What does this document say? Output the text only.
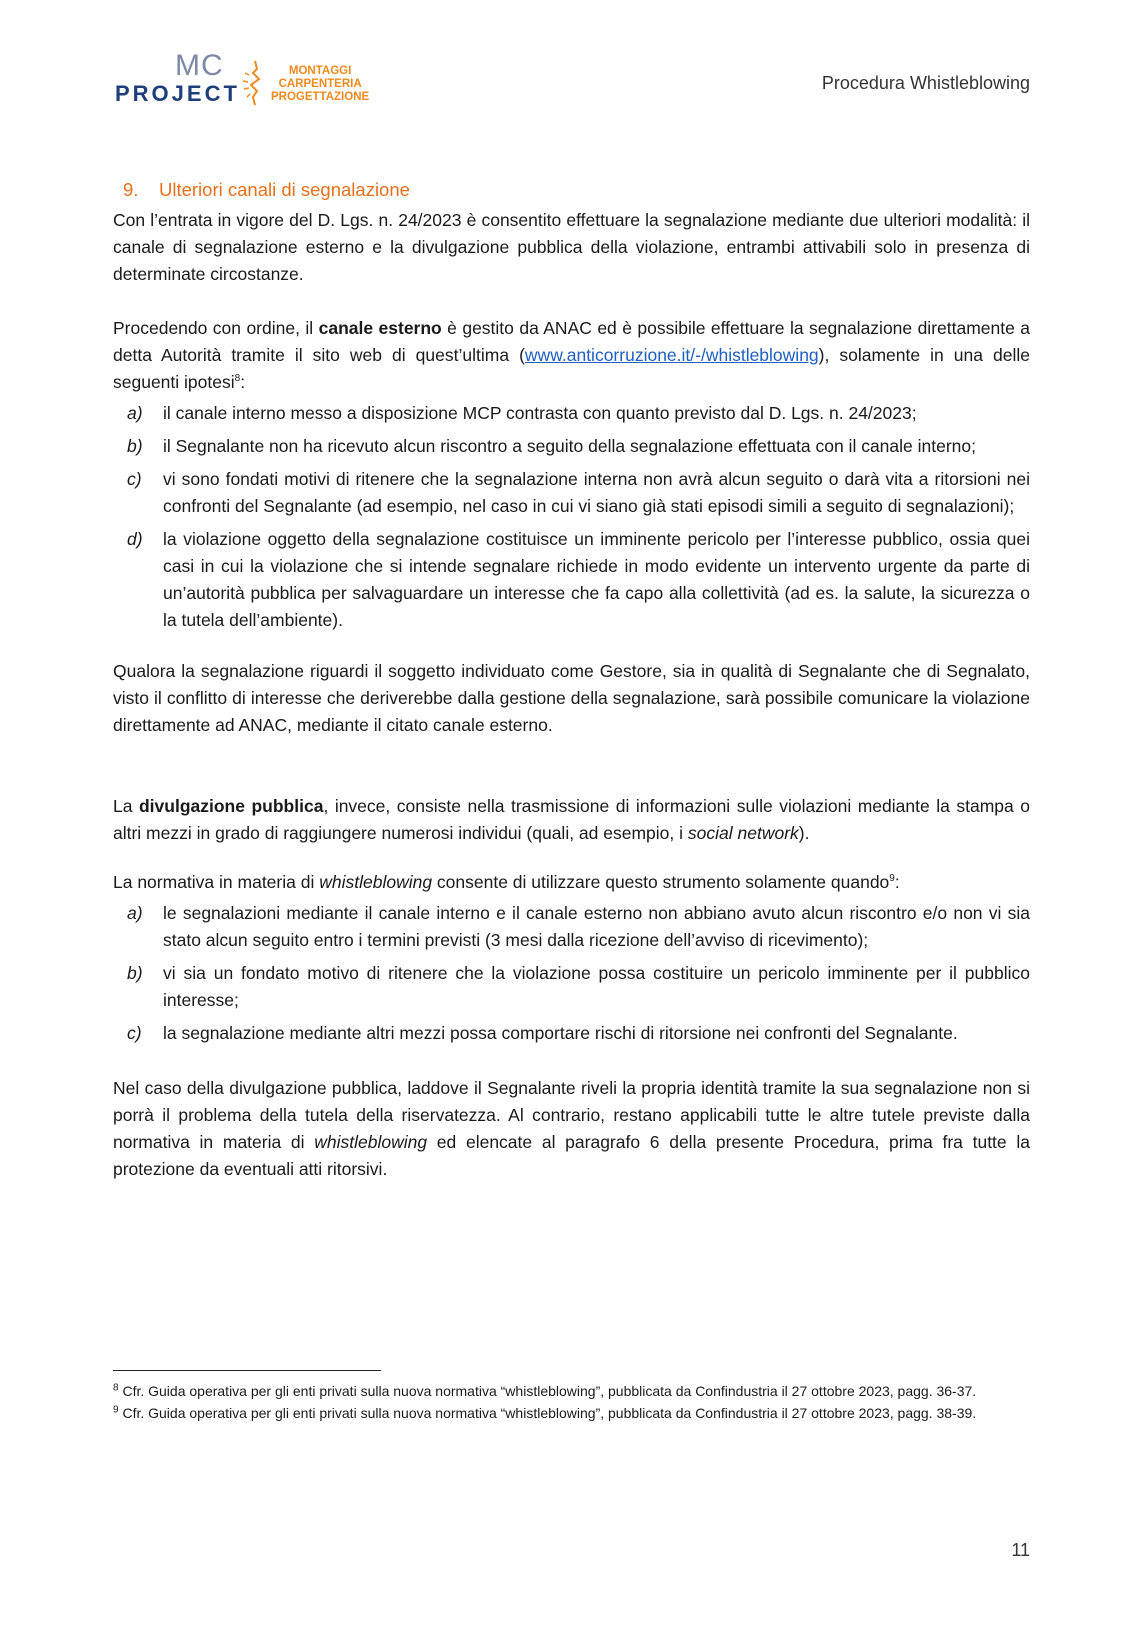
MC
PROJECT
MONTAGGI
CARPENTERIA
PROGETTAZIONE
Procedura Whistleblowing
9. Ulteriori canali di segnalazione

Con l’entrata in vigore del D. Lgs. n. 24/2023 è consentito effettuare la segnalazione mediante due ulteriori modalità: il canale di segnalazione esterno e la divulgazione pubblica della violazione, entrambi attivabili solo in presenza di determinate circostanze.

Procedendo con ordine, il canale esterno è gestito da ANAC ed è possibile effettuare la segnalazione direttamente a detta Autorità tramite il sito web di quest’ultima (www.anticorruzione.it/-/whistleblowing), solamente in una delle seguenti ipotesi$^8$:

a) il canale interno messo a disposizione MCP contrasta con quanto previsto dal D. Lgs. n. 24/2023;
b) il Segnalante non ha ricevuto alcun riscontro a seguito della segnalazione effettuata con il canale interno;
c) vi sono fondati motivi di ritenere che la segnalazione interna non avrà alcun seguito o darà vita a ritorsioni nei confronti del Segnalante (ad esempio, nel caso in cui vi siano già stati episodi simili a seguito di segnalazioni);
d) la violazione oggetto della segnalazione costituisce un imminente pericolo per l’interesse pubblico, ossia quei casi in cui la violazione che si intende segnalare richiede in modo evidente un intervento urgente da parte di un’autorità pubblica per salvaguardare un interesse che fa capo alla collettività (ad es. la salute, la sicurezza o la tutela dell’ambiente).

Qualora la segnalazione riguardi il soggetto individuato come Gestore, sia in qualità di Segnalante che di Segnalato, visto il conflitto di interesse che deriverebbe dalla gestione della segnalazione, sarà possibile comunicare la violazione direttamente ad ANAC, mediante il citato canale esterno.

La divulgazione pubblica, invece, consiste nella trasmissione di informazioni sulle violazioni mediante la stampa o altri mezzi in grado di raggiungere numerosi individui (quali, ad esempio, i social network).

La normativa in materia di whistleblowing consente di utilizzare questo strumento solamente quando$^9$:

a) le segnalazioni mediante il canale interno e il canale esterno non abbiano avuto alcun riscontro e/o non vi sia stato alcun seguito entro i termini previsti (3 mesi dalla ricezione dell’avviso di ricevimento);
b) vi sia un fondato motivo di ritenere che la violazione possa costituire un pericolo imminente per il pubblico interesse;
c) la segnalazione mediante altri mezzi possa comportare rischi di ritorsione nei confronti del Segnalante.

Nel caso della divulgazione pubblica, laddove il Segnalante riveli la propria identità tramite la sua segnalazione non si porrà il problema della tutela della riservatezza. Al contrario, restano applicabili tutte le altre tutele previste dalla normativa in materia di whistleblowing ed elencate al paragrafo 6 della presente Procedura, prima fra tutte la protezione da eventuali atti ritorsivi.

$^8$ Cfr. Guida operativa per gli enti privati sulla nuova normativa “whistleblowing”, pubblicata da Confindustria il 27 ottobre 2023, pagg. 36-37.

$^9$ Cfr. Guida operativa per gli enti privati sulla nuova normativa “whistleblowing”, pubblicata da Confindustria il 27 ottobre 2023, pagg. 38-39.

11
